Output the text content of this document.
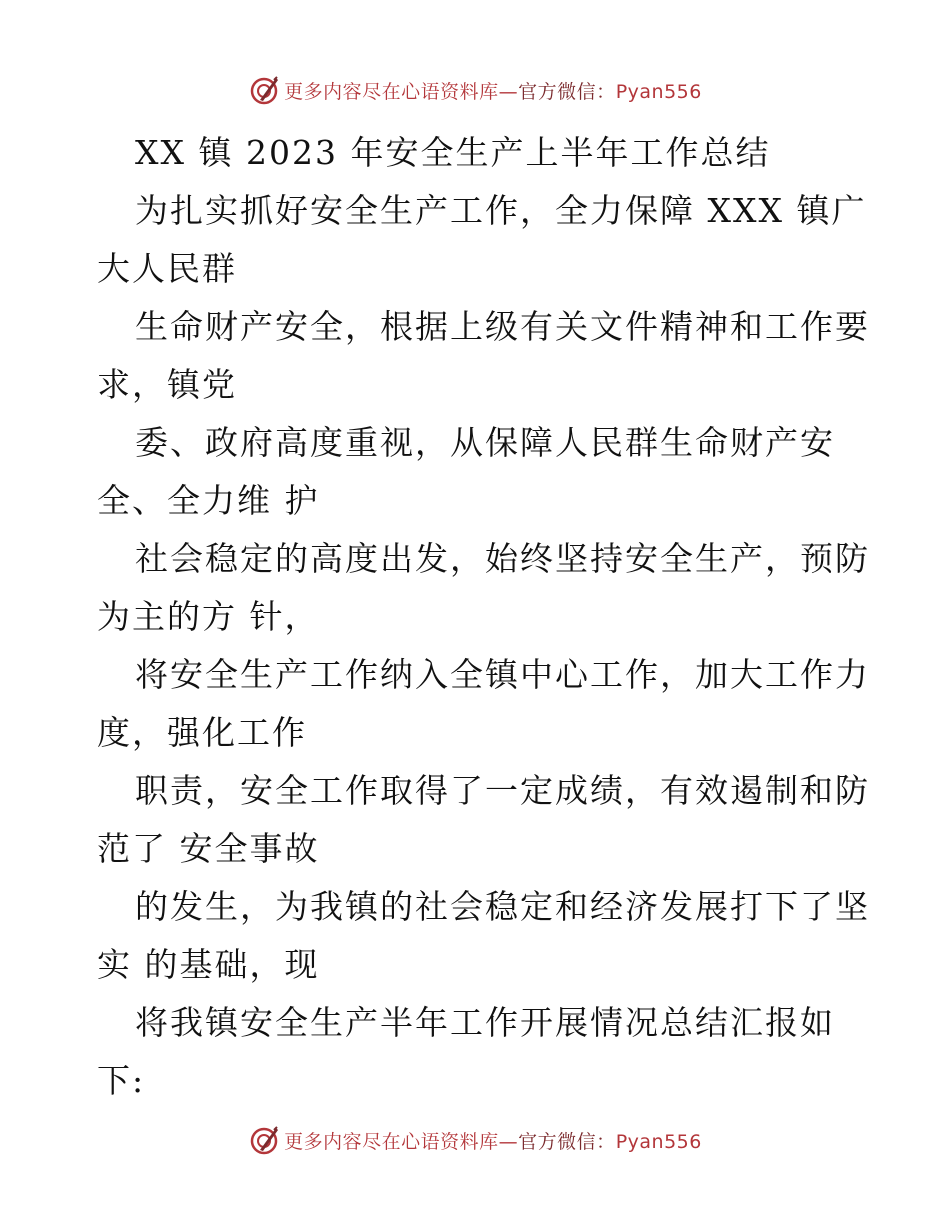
更多内容尽在心语资料库—官方微信：Pyan556
XX 镇 2023 年安全生产上半年工作总结
为扎实抓好安全生产工作，全力保障 XXX 镇广
大人民群
生命财产安全，根据上级有关文件精神和工作要
求，镇党
委、政府高度重视，从保障人民群生命财产安
全、全力维 护
社会稳定的高度出发，始终坚持安全生产，预防
为主的方 针，
将安全生产工作纳入全镇中心工作，加大工作力
度，强化工作
职责，安全工作取得了一定成绩，有效遏制和防
范了 安全事故
的发生，为我镇的社会稳定和经济发展打下了坚
实 的基础，现
将我镇安全生产半年工作开展情况总结汇报如
下:
更多内容尽在心语资料库—官方微信：Pyan556
